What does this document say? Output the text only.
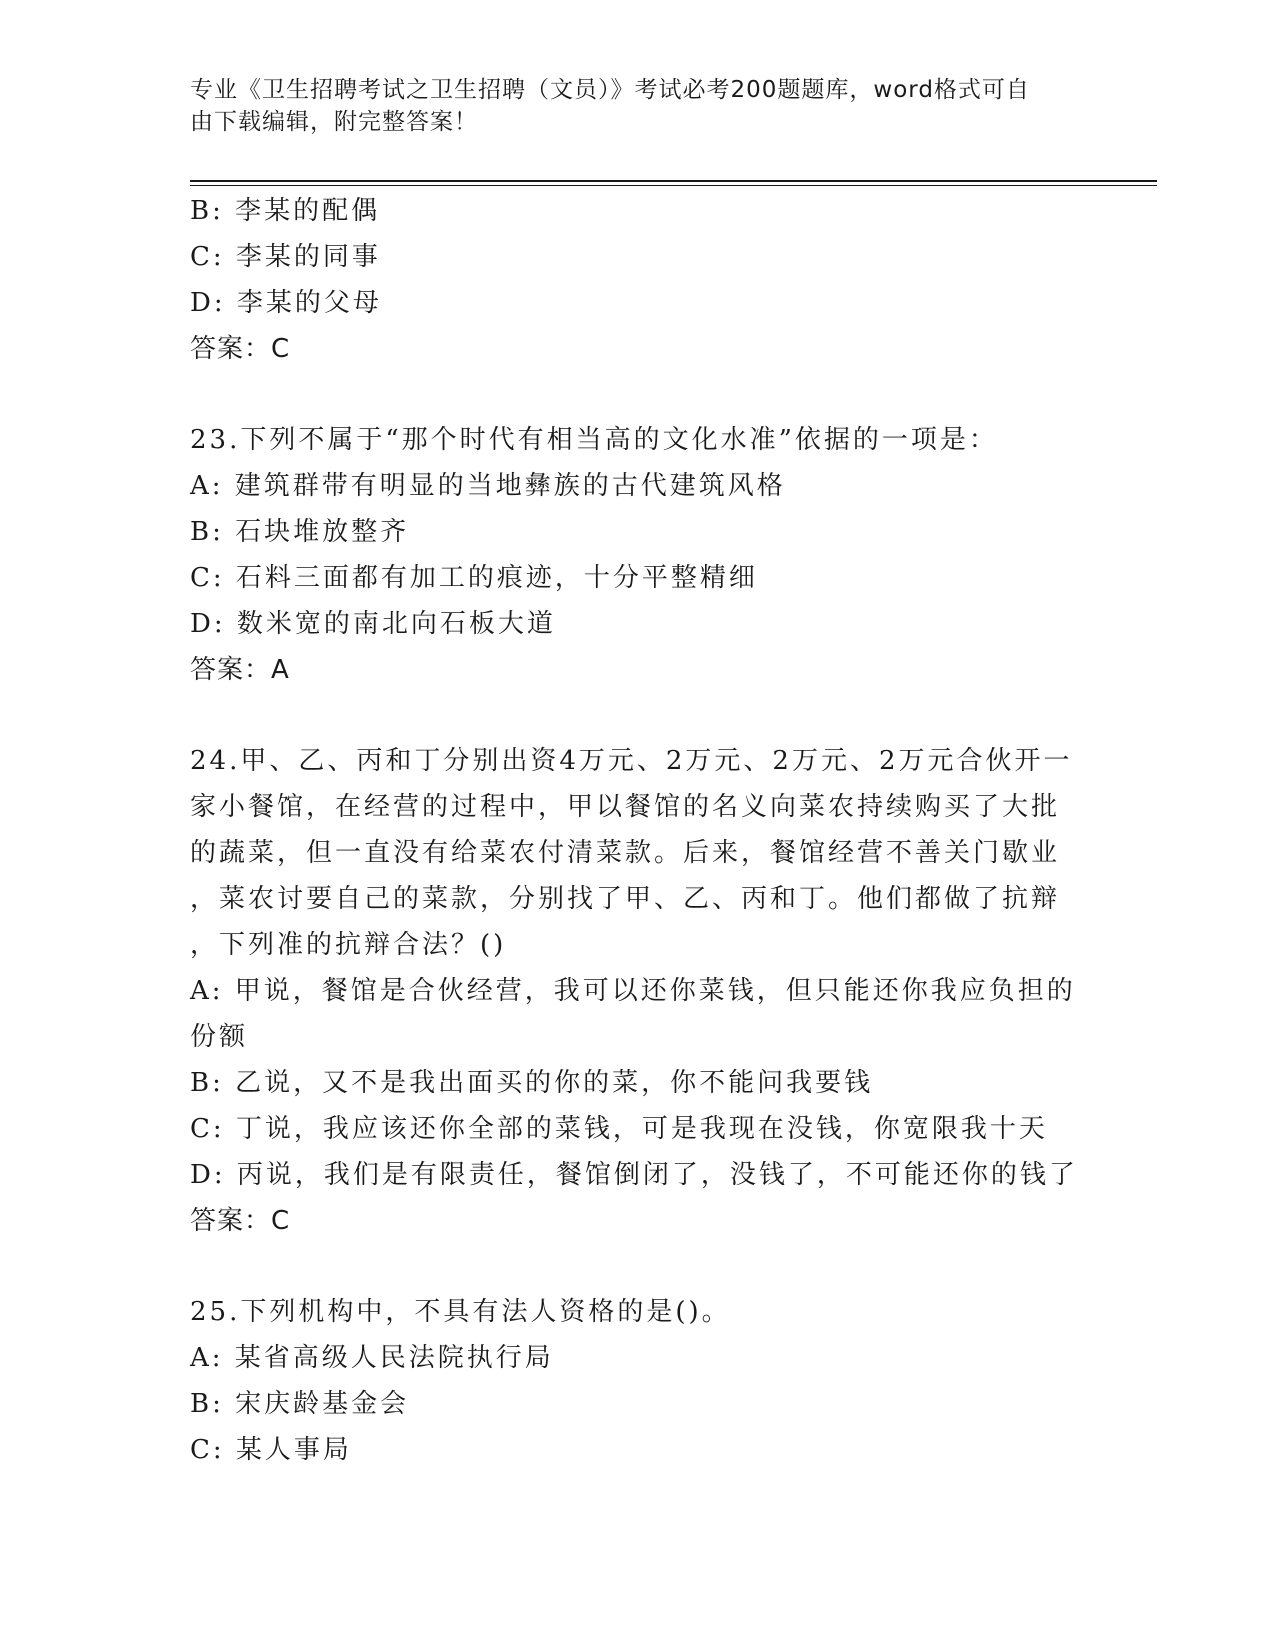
专业《卫生招聘考试之卫生招聘（文员）》考试必考200题题库，word格式可自
由下载编辑，附完整答案！
B: 李某的配偶
C: 李某的同事
D: 李某的父母
答案：C
23.下列不属于“那个时代有相当高的文化水准”依据的一项是：
A: 建筑群带有明显的当地彝族的古代建筑风格
B: 石块堆放整齐
C: 石料三面都有加工的痕迹，十分平整精细
D: 数米宽的南北向石板大道
答案：A
24.甲、乙、丙和丁分别出资4万元、2万元、2万元、2万元合伙开一
家小餐馆，在经营的过程中，甲以餐馆的名义向菜农持续购买了大批
的蔬菜，但一直没有给菜农付清菜款。后来，餐馆经营不善关门歇业
，菜农讨要自己的菜款，分别找了甲、乙、丙和丁。他们都做了抗辩
，下列准的抗辩合法？()
A: 甲说，餐馆是合伙经营，我可以还你菜钱，但只能还你我应负担的
份额
B: 乙说，又不是我出面买的你的菜，你不能问我要钱
C: 丁说，我应该还你全部的菜钱，可是我现在没钱，你宽限我十天
D: 丙说，我们是有限责任，餐馆倒闭了，没钱了，不可能还你的钱了
答案：C
25.下列机构中，不具有法人资格的是()。
A: 某省高级人民法院执行局
B: 宋庆龄基金会
C: 某人事局
